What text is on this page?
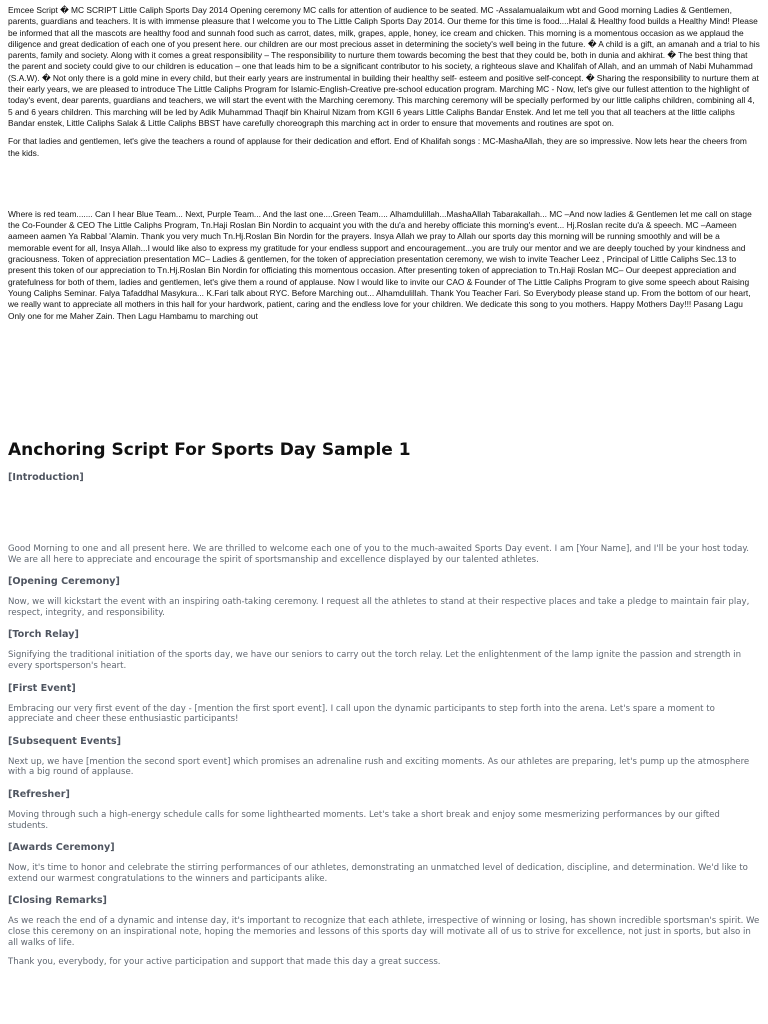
Emcee Script � MC SCRIPT Little Caliph Sports Day 2014 Opening ceremony MC calls for attention of audience to be seated. MC -Assalamualaikum wbt and Good morning Ladies & Gentlemen, parents, guardians and teachers. It is with immense pleasure that I welcome you to The Little Caliph Sports Day 2014. Our theme for this time is food....Halal & Healthy food builds a Healthy Mind! Please be informed that all the mascots are healthy food and sunnah food such as carrot, dates, milk, grapes, apple, honey, ice cream and chicken. This morning is a momentous occasion as we applaud the diligence and great dedication of each one of you present here. our children are our most precious asset in determining the society's well being in the future. � A child is a gift, an amanah and a trial to his parents, family and society. Along with it comes a great responsibility – The responsibility to nurture them towards becoming the best that they could be, both in dunia and akhirat. � The best thing that the parent and society could give to our children is education – one that leads him to be a significant contributor to his society, a righteous slave and Khalifah of Allah, and an ummah of Nabi Muhammad (S.A.W). � Not only there is a gold mine in every child, but their early years are instrumental in building their healthy self- esteem and positive self-concept. � Sharing the responsibility to nurture them at their early years, we are pleased to introduce The Little Caliphs Program for Islamic-English-Creative pre-school education program. Marching MC - Now, let's give our fullest attention to the highlight of today's event, dear parents, guardians and teachers, we will start the event with the Marching ceremony. This marching ceremony will be specially performed by our little caliphs children, combining all 4, 5 and 6 years children. This marching will be led by Adik Muhammad Thaqif bin Khairul Nizam from KGII 6 years Little Caliphs Bandar Enstek. And let me tell you that all teachers at the little caliphs Bandar enstek, Little Caliphs Salak & Little Caliphs BBST have carefully choreograph this marching act in order to ensure that movements and routines are spot on.

For that ladies and gentlemen, let's give the teachers a round of applause for their dedication and effort. End of Khalifah songs : MC-MashaAllah, they are so impressive. Now lets hear the cheers from the kids.

Where is red team....... Can I hear Blue Team... Next, Purple Team... And the last one....Green Team.... Alhamdulillah...MashaAllah Tabarakallah... MC –And now ladies & Gentlemen let me call on stage the Co-Founder & CEO The Little Caliphs Program, Tn.Haji Roslan Bin Nordin to acquaint you with the du'a and hereby officiate this morning's event... Hj.Roslan recite du'a & speech. MC –Aameen aameen aamen Ya Rabbal 'Alamin. Thank you very much Tn.Hj.Roslan Bin Nordin for the prayers. Insya Allah we pray to Allah our sports day this morning will be running smoothly and will be a memorable event for all, Insya Allah...I would like also to express my gratitude for your endless support and encouragement...you are truly our mentor and we are deeply touched by your kindness and graciousness. Token of appreciation presentation MC– Ladies & gentlemen, for the token of appreciation presentation ceremony, we wish to invite Teacher Leez , Principal of Little Caliphs Sec.13 to present this token of our appreciation to Tn.Hj.Roslan Bin Nordin for officiating this momentous occasion. After presenting token of appreciation to Tn.Haji Roslan MC– Our deepest appreciation and gratefulness for both of them, ladies and gentlemen, let's give them a round of applause. Now I would like to invite our CAO & Founder of The Little Caliphs Program to give some speech about Raising Young Caliphs Seminar. Falya Tafaddhal Masykura... K.Fari talk about RYC. Before Marching out... Alhamdulillah. Thank You Teacher Fari. So Everybody please stand up. From the bottom of our heart, we really want to appreciate all mothers in this hall for your hardwork, patient, caring and the endless love for your children. We dedicate this song to you mothers. Happy Mothers Day!!! Pasang Lagu Only one for me Maher Zain. Then Lagu Hambamu to marching out

Anchoring Script For Sports Day Sample 1
[Introduction]
Good Morning to one and all present here. We are thrilled to welcome each one of you to the much-awaited Sports Day event. I am [Your Name], and I'll be your host today. We are all here to appreciate and encourage the spirit of sportsmanship and excellence displayed by our talented athletes.
[Opening Ceremony]
Now, we will kickstart the event with an inspiring oath-taking ceremony. I request all the athletes to stand at their respective places and take a pledge to maintain fair play, respect, integrity, and responsibility.
[Torch Relay]
Signifying the traditional initiation of the sports day, we have our seniors to carry out the torch relay. Let the enlightenment of the lamp ignite the passion and strength in every sportsperson's heart.
[First Event]
Embracing our very first event of the day - [mention the first sport event]. I call upon the dynamic participants to step forth into the arena. Let's spare a moment to appreciate and cheer these enthusiastic participants!
[Subsequent Events]
Next up, we have [mention the second sport event] which promises an adrenaline rush and exciting moments. As our athletes are preparing, let's pump up the atmosphere with a big round of applause.
[Refresher]
Moving through such a high-energy schedule calls for some lighthearted moments. Let's take a short break and enjoy some mesmerizing performances by our gifted students.
[Awards Ceremony]
Now, it's time to honor and celebrate the stirring performances of our athletes, demonstrating an unmatched level of dedication, discipline, and determination. We'd like to extend our warmest congratulations to the winners and participants alike.
[Closing Remarks]
As we reach the end of a dynamic and intense day, it's important to recognize that each athlete, irrespective of winning or losing, has shown incredible sportsman's spirit. We close this ceremony on an inspirational note, hoping the memories and lessons of this sports day will motivate all of us to strive for excellence, not just in sports, but also in all walks of life.
Thank you, everybody, for your active participation and support that made this day a great success.
